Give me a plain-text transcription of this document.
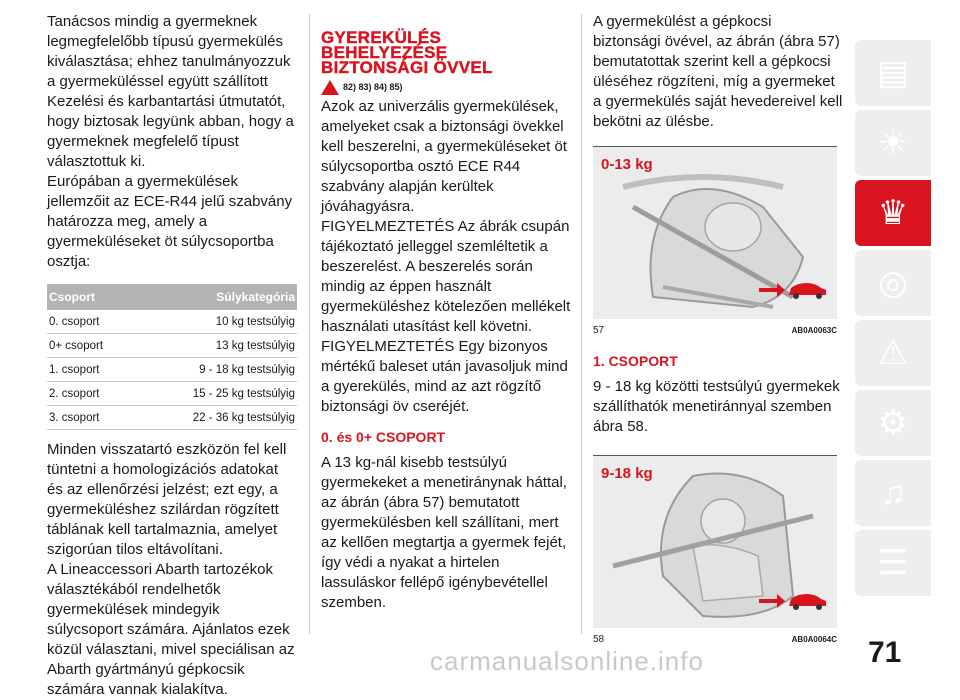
Tanácsos mindig a gyermeknek legmegfelelőbb típusú gyermekülés kiválasztása; ehhez tanulmányozzuk a gyermeküléssel együtt szállított Kezelési és karbantartási útmutatót, hogy biztosak legyünk abban, hogy a gyermeknek megfelelő típust választottuk ki.

Európában a gyermekülések jellemzőit az ECE-R44 jelű szabvány határozza meg, amely a gyermeküléseket öt súlycsoportba osztja:

Csoport	Súlykategória
0. csoport	10 kg testsúlyig
0+ csoport	13 kg testsúlyig
1. csoport	9 - 18 kg testsúlyig
2. csoport	15 - 25 kg testsúlyig
3. csoport	22 - 36 kg testsúlyig

Minden visszatartó eszközön fel kell tüntetni a homologizációs adatokat és az ellenőrzési jelzést; ezt egy, a gyermeküléshez szilárdan rögzített táblának kell tartalmaznia, amelyet szigorúan tilos eltávolítani.

A Lineaccessori Abarth tartozékok választékából rendelhetők gyermekülések mindegyik súlycsoport számára. Ajánlatos ezek közül választani, mivel speciálisan az Abarth gyártmányú gépkocsik számára vannak kialakítva.

GYEREKÜLÉS
BEHELYEZÉSE
BIZTONSÁGI ÖVVEL
82) 83) 84) 85)

Azok az univerzális gyermekülések, amelyeket csak a biztonsági övekkel kell beszerelni, a gyermeküléseket öt súlycsoportba osztó ECE R44 szabvány alapján kerültek jóváhagyásra.

FIGYELMEZTETÉS Az ábrák csupán tájékoztató jelleggel szemléltetik a beszerelést. A beszerelés során mindig az éppen használt gyermeküléshez kötelezően mellékelt használati utasítást kell követni.

FIGYELMEZTETÉS Egy bizonyos mértékű baleset után javasoljuk mind a gyerekülés, mind az azt rögzítő biztonsági öv cseréjét.

0. és 0+ CSOPORT

A 13 kg-nál kisebb testsúlyú gyermekeket a menetiránynak háttal, az ábrán (ábra 57) bemutatott gyermekülésben kell szállítani, mert az kellően megtartja a gyermek fejét, így védi a nyakat a hirtelen lassuláskor fellépő igénybevétellel szemben.

A gyermekülést a gépkocsi biztonsági övével, az ábrán (ábra 57) bemutatottak szerint kell a gépkocsi üléséhez rögzíteni, míg a gyermeket a gyermekülés saját hevedereivel kell bekötni az ülésbe.

0-13 kg
57	AB0A0063C
1. CSOPORT

9 - 18 kg közötti testsúlyú gyermekek szállíthatók menetiránnyal szemben ábra 58.

9-18 kg
58	AB0A0064C
▤
☀
♛
◎
⚠
⚙
♫
☰
71
carmanualsonline.info
